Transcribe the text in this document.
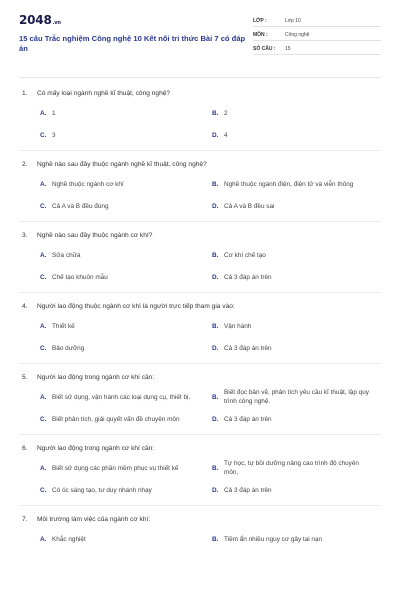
2048 .vn
15 câu Trắc nghiệm Công nghệ 10 Kết nối tri thức Bài 7 có đáp án
LỚP :	Lớp 10
MÔN :	Công nghệ
SỐ CÂU :	15
1.	Có mấy loại ngành nghề kĩ thuật, công nghệ?
A. 1	B. 2
C. 3	D. 4
2.	Nghề nào sau đây thuộc ngành nghề kĩ thuật, công nghệ?
A. Nghề thuộc ngành cơ khí	B. Nghề thuộc ngành điện, điện tử và viễn thông
C. Cả A và B đều đúng	D. Cả A và B đều sai
3.	Nghề nào sau đây thuộc ngành cơ khí?
A. Sửa chữa	B. Cơ khí chế tạo
C. Chế tạo khuôn mẫu	D. Cả 3 đáp án trên
4.	Người lao động thuộc ngành cơ khí là người trực tiếp tham gia vào:
A. Thiết kế	B. Vận hành
C. Bảo dưỡng	D. Cả 3 đáp án trên
5.	Người lao động trong ngành cơ khí cần:
A. Biết sử dụng, vận hành các loại dụng cụ, thiết bị.	B.
Biết đọc bản vẽ, phân tích yêu cầu kĩ thuật, lập quy trình công nghệ.
C. Biết phân tích, giải quyết vấn đề chuyên môn	D. Cả 3 đáp án trên
6.	Người lao động trong ngành cơ khí cần:
A. Biết sử dụng các phần mềm phục vụ thiết kế	B.
Tự học, tự bồi dưỡng nâng cao trình độ chuyên môn,
C. Có óc sáng tạo, tư duy nhanh nhạy	D. Cả 3 đáp án trên
7.	Môi trường làm việc của ngành cơ khí:
A. Khắc nghiệt	B. Tiềm ẩn nhiều nguy cơ gây tai nạn
